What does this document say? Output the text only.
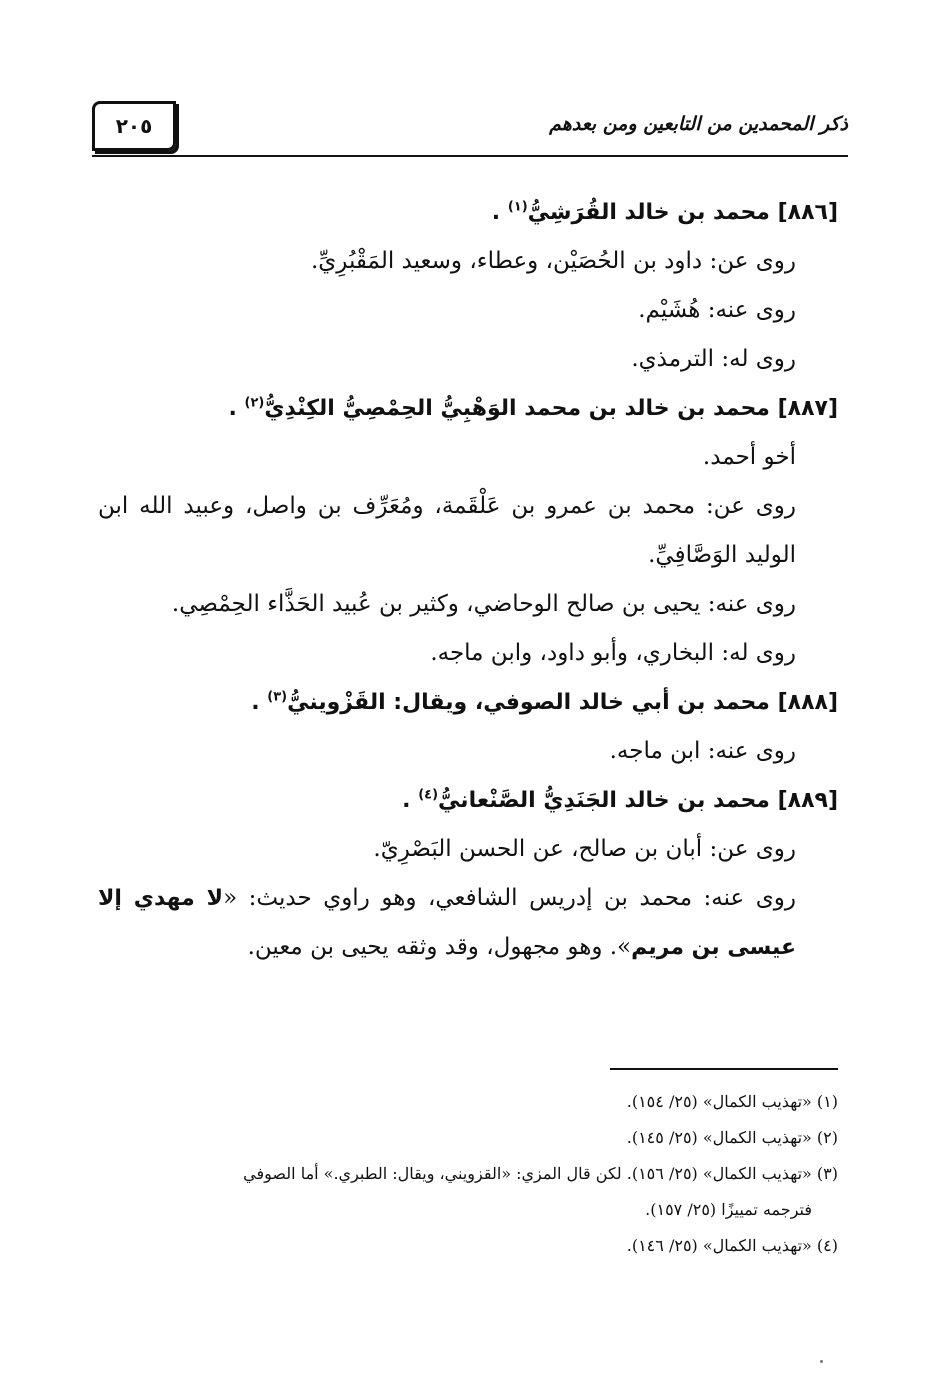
٢٠٥	ذكر المحمدين من التابعين ومن بعدهم

[٨٨٦] محمد بن خالد القُرَشِيُّ$^{(١)}$ .

روى عن: داود بن الحُصَيْن، وعطاء، وسعيد المَقْبُرِيِّ.

روى عنه: هُشَيْم.

روى له: الترمذي.

[٨٨٧] محمد بن خالد بن محمد الوَهْبِيُّ الحِمْصِيُّ الكِنْدِيُّ$^{(٢)}$ .

أخو أحمد.

روى عن: محمد بن عمرو بن عَلْقَمة، ومُعَرِّف بن واصل، وعبيد الله ابن الوليد الوَصَّافِيِّ.

روى عنه: يحيى بن صالح الوحاضي، وكثير بن عُبيد الحَذَّاء الحِمْصِي.

روى له: البخاري، وأبو داود، وابن ماجه.

[٨٨٨] محمد بن أبي خالد الصوفي، ويقال: القَزْوينيُّ$^{(٣)}$ .

روى عنه: ابن ماجه.

[٨٨٩] محمد بن خالد الجَنَدِيُّ الصَّنْعانيُّ$^{(٤)}$ .

روى عن: أبان بن صالح، عن الحسن البَصْرِيّ.

روى عنه: محمد بن إدريس الشافعي، وهو راوي حديث: «لا مهدي إلا عيسى بن مريم». وهو مجهول، وقد وثقه يحيى بن معين.

(١) «تهذيب الكمال» (٢٥/ ١٥٤).

(٢) «تهذيب الكمال» (٢٥/ ١٤٥).

(٣) «تهذيب الكمال» (٢٥/ ١٥٦). لكن قال المزي: «القزويني، ويقال: الطبري.» أما الصوفي

فترجمه تمييزًا (٢٥/ ١٥٧).

(٤) «تهذيب الكمال» (٢٥/ ١٤٦).
